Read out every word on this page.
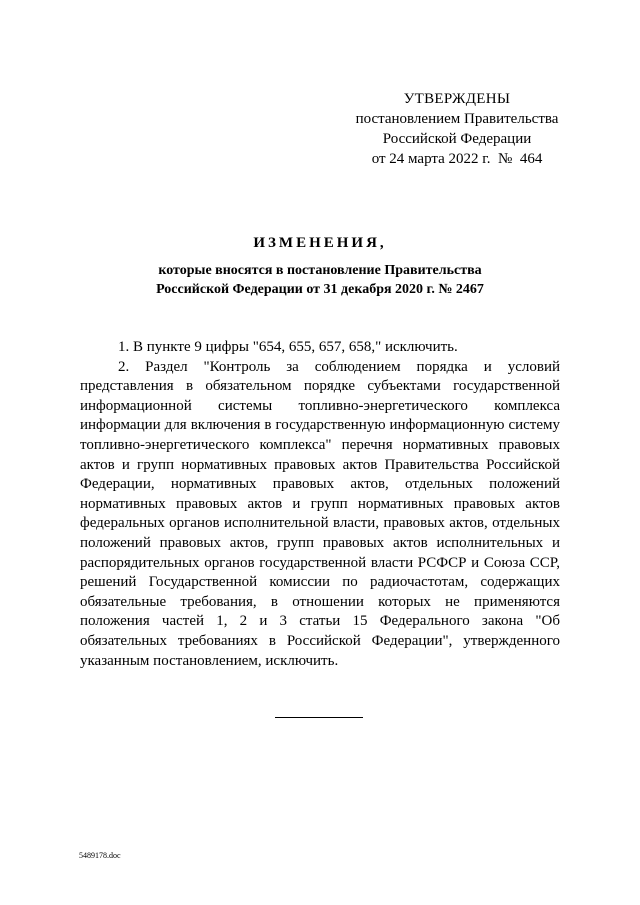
УТВЕРЖДЕНЫ
постановлением Правительства
Российской Федерации
от 24 марта 2022 г.  №  464
ИЗМЕНЕНИЯ,
которые вносятся в постановление Правительства
Российской Федерации от 31 декабря 2020 г. № 2467

1. В пункте 9 цифры "654, 655, 657, 658," исключить.

2. Раздел "Контроль за соблюдением порядка и условий представления в обязательном порядке субъектами государственной информационной системы топливно-энергетического комплекса информации для включения в государственную информационную систему топливно-энергетического комплекса" перечня нормативных правовых актов и групп нормативных правовых актов Правительства Российской Федерации, нормативных правовых актов, отдельных положений нормативных правовых актов и групп нормативных правовых актов федеральных органов исполнительной власти, правовых актов, отдельных положений правовых актов, групп правовых актов исполнительных и распорядительных органов государственной власти РСФСР и Союза ССР, решений Государственной комиссии по радиочастотам, содержащих обязательные требования, в отношении которых не применяются положения частей 1, 2 и 3 статьи 15 Федерального закона "Об обязательных требованиях в Российской Федерации", утвержденного указанным постановлением, исключить.

5489178.doc
